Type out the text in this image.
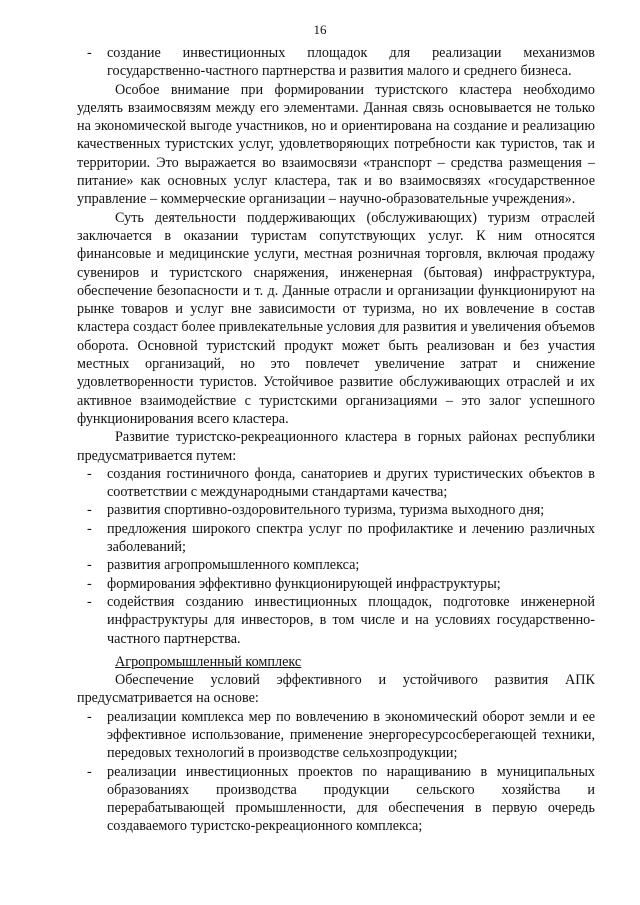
16
-	создание инвестиционных площадок для реализации механизмов государственно-частного партнерства и развития малого и среднего бизнеса.

Особое внимание при формировании туристского кластера необходимо уделять взаимосвязям между его элементами. Данная связь основывается не только на экономической выгоде участников, но и ориентирована на создание и реализацию качественных туристских услуг, удовлетворяющих потребности как туристов, так и территории. Это выражается во взаимосвязи «транспорт – средства размещения – питание» как основных услуг кластера, так и во взаимосвязях «государственное управление – коммерческие организации – научно-образовательные учреждения».

Суть деятельности поддерживающих (обслуживающих) туризм отраслей заключается в оказании туристам сопутствующих услуг. К ним относятся финансовые и медицинские услуги, местная розничная торговля, включая продажу сувениров и туристского снаряжения, инженерная (бытовая) инфраструктура, обеспечение безопасности и т. д. Данные отрасли и организации функционируют на рынке товаров и услуг вне зависимости от туризма, но их вовлечение в состав кластера создаст более привлекательные условия для развития и увеличения объемов оборота. Основной туристский продукт может быть реализован и без участия местных организаций, но это повлечет увеличение затрат и снижение удовлетворенности туристов. Устойчивое развитие обслуживающих отраслей и их активное взаимодействие с туристскими организациями – это залог успешного функционирования всего кластера.

Развитие туристско-рекреационного кластера в горных районах республики предусматривается путем:

-	создания гостиничного фонда, санаториев и других туристических объектов в соответствии с международными стандартами качества;
-	развития спортивно-оздоровительного туризма, туризма выходного дня;
-	предложения широкого спектра услуг по профилактике и лечению различных заболеваний;
-	развития агропромышленного комплекса;
-	формирования эффективно функционирующей инфраструктуры;
-	содействия созданию инвестиционных площадок, подготовке инженерной инфраструктуры для инвесторов, в том числе и на условиях государственно-частного партнерства.

Агропромышленный комплекс

Обеспечение условий эффективного и устойчивого развития АПК предусматривается на основе:

-	реализации комплекса мер по вовлечению в экономический оборот земли и ее эффективное использование, применение энергоресурсосберегающей техники, передовых технологий в производстве сельхозпродукции;
-	реализации инвестиционных проектов по наращиванию в муниципальных образованиях производства продукции сельского хозяйства и перерабатывающей промышленности, для обеспечения в первую очередь создаваемого туристско-рекреационного комплекса;
